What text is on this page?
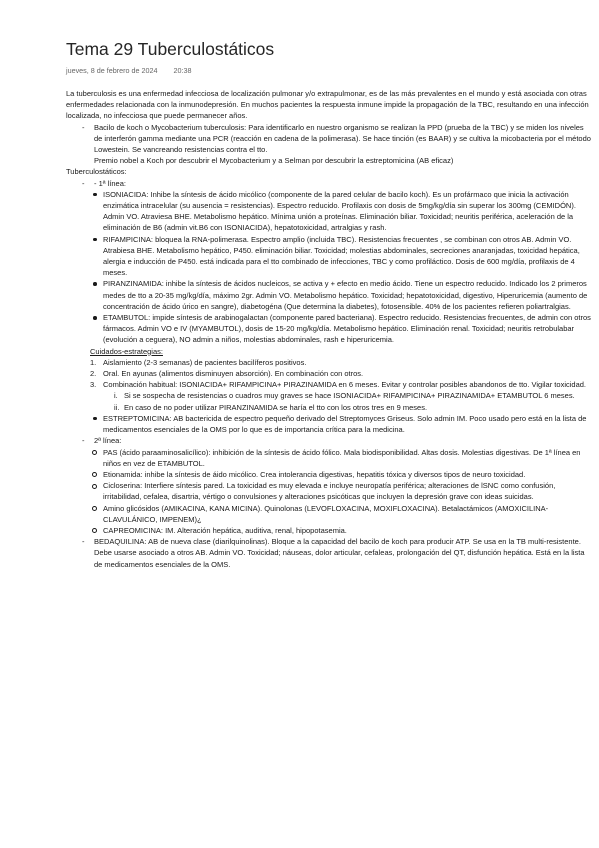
Tema 29 Tuberculostáticos
jueves, 8 de febrero de 2024 20:38

La tuberculosis es una enfermedad infecciosa de localización pulmonar y/o extrapulmonar, es de las más prevalentes en el mundo y está asociada con otras enfermedades relacionada con la inmunodepresión. En muchos pacientes la respuesta inmune impide la propagación de la TBC, resultando en una infección localizada, no infecciosa que puede permanecer años.

- Bacilo de koch o Mycobacterium tuberculosis: Para identificarlo en nuestro organismo se realizan la PPD (prueba de la TBC) y se miden los niveles de interferón gamma mediante una PCR (reacción en cadena de la polimerasa). Se hace tinción (es BAAR) y se cultiva la micobacteria por el método Lowestein. Se vancreando resistencias contra el tto.
Premio nobel a Koch por descubrir el Mycobacterium y a Selman por descubrir la estreptomicina (AB eficaz)

Tuberculostáticos:

- - 1ª línea:
ISONIACIDA: Inhibe la síntesis de ácido micólico (componente de la pared celular de bacilo koch). Es un profármaco que inicia la activación enzimática intracelular (su ausencia = resistencias). Espectro reducido. Profilaxis con dosis de 5mg/kg/día sin superar los 300mg (CEMIDÓN). Admin VO. Atraviesa BHE. Metabolismo hepático. Mínima unión a proteínas. Eliminación biliar. Toxicidad; neuritis periférica, aceleración de la eliminación de B6 (admin vit.B6 con ISONIACIDA), hepatotoxicidad, artralgias y rash.
RIFAMPICINA: bloquea la RNA-polimerasa. Espectro amplio (incluida TBC). Resistencias frecuentes , se combinan con otros AB. Admin VO. Atrabiesa BHE. Metabolismo hepático, P450. eliminación biliar. Toxicidad; molestias abdominales, secreciones anaranjadas, toxicidad hepática, alergia e inducción de P450. está indicada para el tto combinado de infecciones, TBC y como profiláctico. Dosis de 600 mg/día, profilaxis de 4 meses.
PIRANZINAMIDA: inhibe la síntesis de ácidos nucleicos, se activa y + efecto en medio ácido. Tiene un espectro reducido. Indicado los 2 primeros medes de tto a 20-35 mg/kg/día, máximo 2gr. Admin VO. Metabolismo hepático. Toxicidad; hepatotoxicidad, digestivo, Hiperuricemia (aumento de concentración de ácido úrico en sangre), diabetogéna (Que determina la diabetes), fotosensible. 40% de los pacientes refieren poliartralgias.
ETAMBUTOL: impide síntesis de arabinogalactan (componente pared bacteriana). Espectro reducido. Resistencias frecuentes, de admin con otros fármacos. Admin VO e IV (MYAMBUTOL), dosis de 15-20 mg/kg/día. Metabolismo hepático. Eliminación renal. Toxicidad; neuritis retrobulabar (evolución a ceguera), NO admin a niños, molestias abdominales, rash e hiperuricemia.

Cuidados-estrategias:

1. Aislamiento (2-3 semanas) de pacientes bacilíferos positivos.
2. Oral. En ayunas (alimentos disminuyen absorción). En combinación con otros.
3. Combinación habitual: ISONIACIDA+ RIFAMPICINA+ PIRAZINAMIDA en 6 meses. Evitar y controlar posibles abandonos de tto. Vigilar toxicidad.
i. Si se sospecha de resistencias o cuadros muy graves se hace ISONIACIDA+ RIFAMPICINA+ PIRAZINAMIDA+ ETAMBUTOL 6 meses.
ii. En caso de no poder utilizar PIRANZINAMIDA se haría el tto con los otros tres en 9 meses.
ESTREPTOMICINA: AB bactericida de espectro pequeño derivado del Streptomyces Griseus. Solo admin IM. Poco usado pero está en la lista de medicamentos esenciales de la OMS por lo que es de importancia crítica para la medicina.
- 2ª línea:
PAS (ácido paraaminosalicílico): inhibición de la síntesis de ácido fólico. Mala biodisponibilidad. Altas dosis. Molestias digestivas. De 1ª línea en niños en vez de ETAMBUTOL.
Etionamida: inhibe la síntesis de áido micólico. Crea intolerancia digestivas, hepatitis tóxica y diversos tipos de neuro toxicidad.
Cicloserina: Interfiere síntesis pared. La toxicidad es muy elevada e incluye neuropatía periférica; alteraciones de lSNC como confusión, irritabilidad, cefalea, disartria, vértigo o convulsiones y alteraciones psicóticas que incluyen la depresión grave con ideas suicidas.
Amino glicósidos (AMIKACINA, KANA MICINA). Quinolonas (LEVOFLOXACINA, MOXIFLOXACINA). Betalactámicos (AMOXICILINA-CLAVULÁNICO, IMPENEM)¿
CAPREOMICINA: IM. Alteración hepática, auditiva, renal, hipopotasemia.
- BEDAQUILINA: AB de nueva clase (diarilquinolinas). Bloque a la capacidad del bacilo de koch para producir ATP. Se usa en la TB multi-resistente. Debe usarse asociado a otros AB. Admin VO. Toxicidad; náuseas, dolor articular, cefaleas, prolongación del QT, disfunción hepática. Está en la lista de medicamentos esenciales de la OMS.
